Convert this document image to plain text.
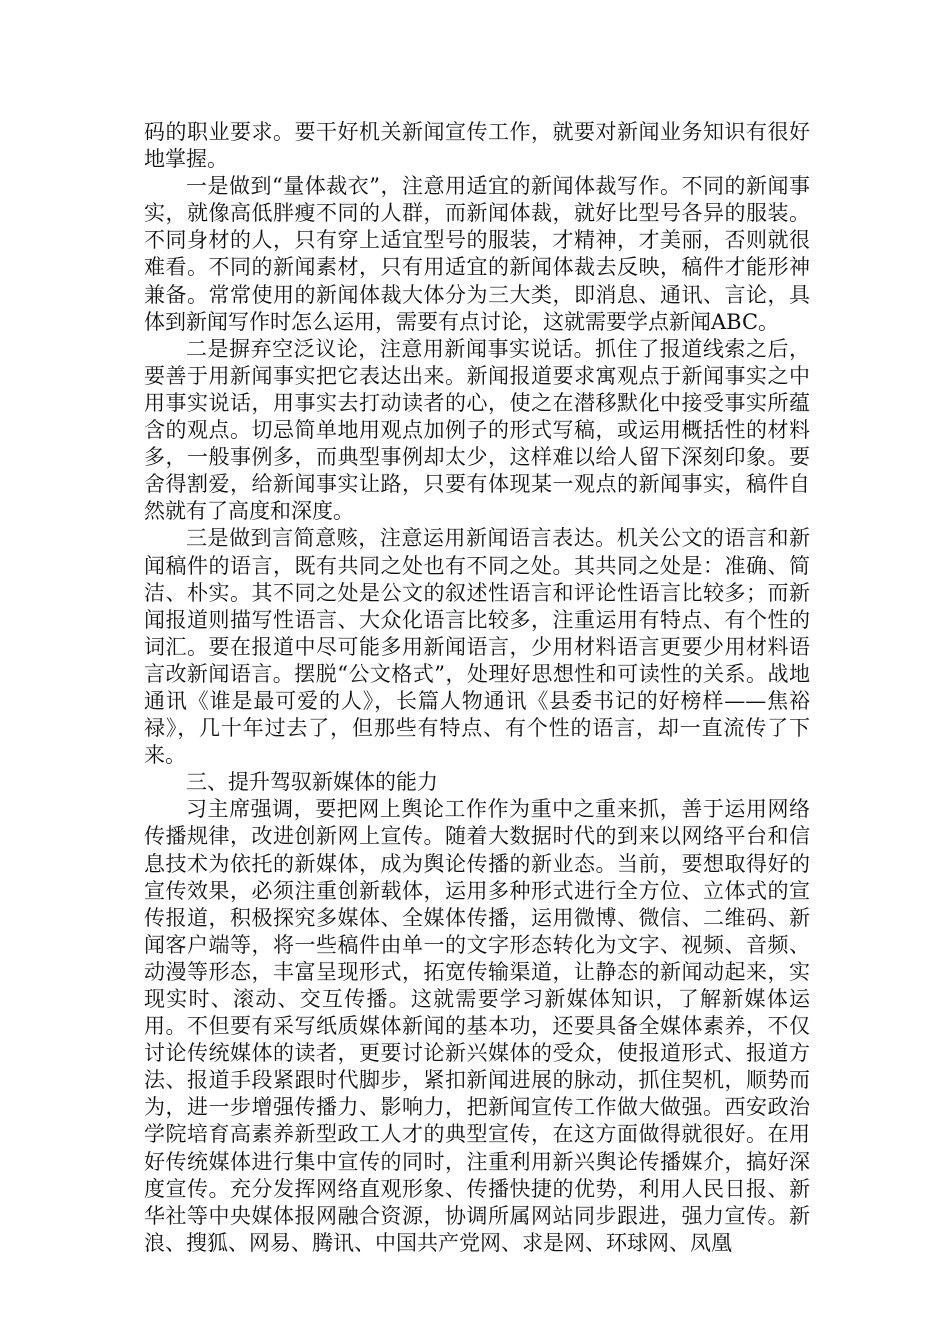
码的职业要求。要干好机关新闻宣传工作，就要对新闻业务知识有很好地掌握。

一是做到“量体裁衣”，注意用适宜的新闻体裁写作。不同的新闻事实，就像高低胖瘦不同的人群，而新闻体裁，就好比型号各异的服装。不同身材的人，只有穿上适宜型号的服装，才精神，才美丽，否则就很难看。不同的新闻素材，只有用适宜的新闻体裁去反映，稿件才能形神兼备。常常使用的新闻体裁大体分为三大类，即消息、通讯、言论，具体到新闻写作时怎么运用，需要有点讨论，这就需要学点新闻ABC。

二是摒弃空泛议论，注意用新闻事实说话。抓住了报道线索之后，要善于用新闻事实把它表达出来。新闻报道要求寓观点于新闻事实之中用事实说话，用事实去打动读者的心，使之在潜移默化中接受事实所蕴含的观点。切忌简单地用观点加例子的形式写稿，或运用概括性的材料多，一般事例多，而典型事例却太少，这样难以给人留下深刻印象。要舍得割爱，给新闻事实让路，只要有体现某一观点的新闻事实，稿件自然就有了高度和深度。

三是做到言简意赅，注意运用新闻语言表达。机关公文的语言和新闻稿件的语言，既有共同之处也有不同之处。其共同之处是：准确、简洁、朴实。其不同之处是公文的叙述性语言和评论性语言比较多；而新闻报道则描写性语言、大众化语言比较多，注重运用有特点、有个性的词汇。要在报道中尽可能多用新闻语言，少用材料语言更要少用材料语言改新闻语言。摆脱“公文格式”，处理好思想性和可读性的关系。战地通讯《谁是最可爱的人》，长篇人物通讯《县委书记的好榜样——焦裕禄》，几十年过去了，但那些有特点、有个性的语言，却一直流传了下来。

三、提升驾驭新媒体的能力

习主席强调，要把网上舆论工作作为重中之重来抓，善于运用网络传播规律，改进创新网上宣传。随着大数据时代的到来以网络平台和信息技术为依托的新媒体，成为舆论传播的新业态。当前，要想取得好的宣传效果，必须注重创新载体，运用多种形式进行全方位、立体式的宣传报道，积极探究多媒体、全媒体传播，运用微博、微信、二维码、新闻客户端等，将一些稿件由单一的文字形态转化为文字、视频、音频、动漫等形态，丰富呈现形式，拓宽传输渠道，让静态的新闻动起来，实现实时、滚动、交互传播。这就需要学习新媒体知识，了解新媒体运用。不但要有采写纸质媒体新闻的基本功，还要具备全媒体素养，不仅讨论传统媒体的读者，更要讨论新兴媒体的受众，使报道形式、报道方法、报道手段紧跟时代脚步，紧扣新闻进展的脉动，抓住契机，顺势而为，进一步增强传播力、影响力，把新闻宣传工作做大做强。西安政治学院培育高素养新型政工人才的典型宣传，在这方面做得就很好。在用好传统媒体进行集中宣传的同时，注重利用新兴舆论传播媒介，搞好深度宣传。充分发挥网络直观形象、传播快捷的优势，利用人民日报、新华社等中央媒体报网融合资源，协调所属网站同步跟进，强力宣传。新浪、搜狐、网易、腾讯、中国共产党网、求是网、环球网、凤凰
